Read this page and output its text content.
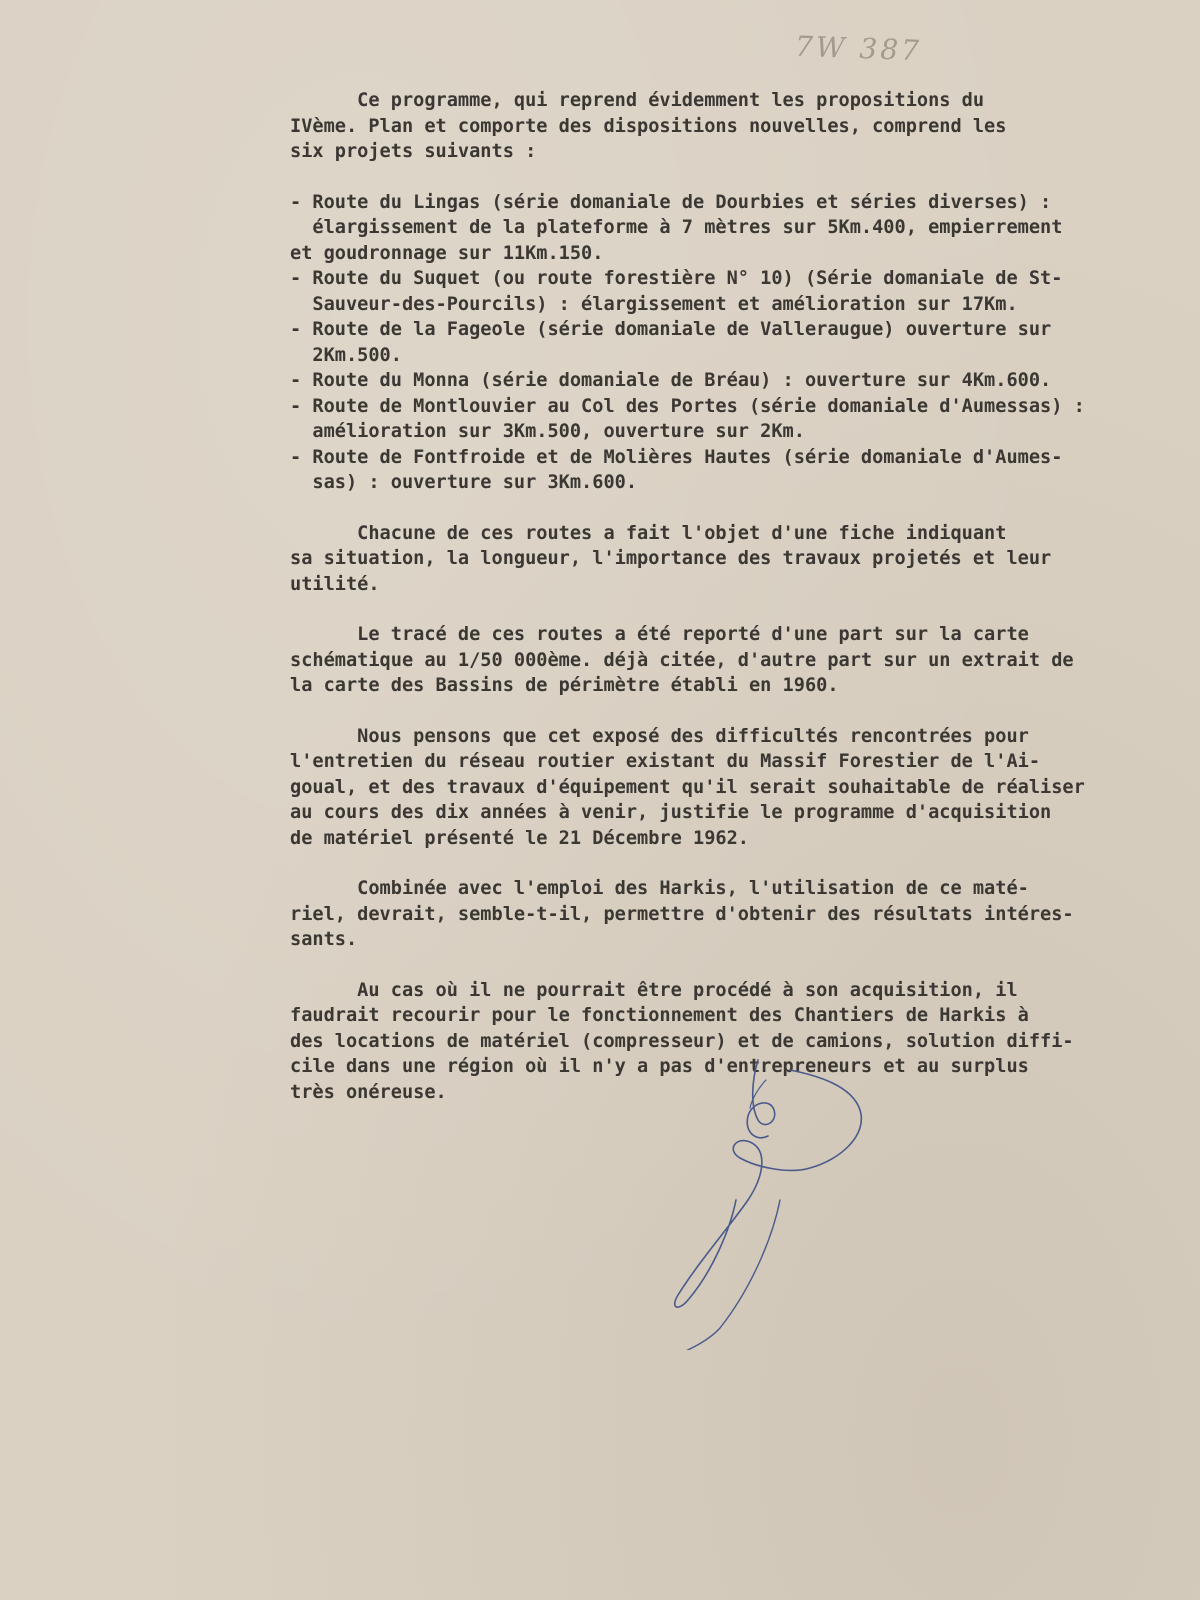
7W 387

Ce programme, qui reprend évidemment les propositions du

IVème. Plan et comporte des dispositions nouvelles, comprend les

six projets suivants :

- Route du Lingas (série domaniale de Dourbies et séries diverses) :

élargissement de la plateforme à 7 mètres sur 5Km.400, empierrement

et goudronnage sur 11Km.150.

- Route du Suquet (ou route forestière N° 10) (Série domaniale de St-

Sauveur-des-Pourcils) : élargissement et amélioration sur 17Km.

- Route de la Fageole (série domaniale de Valleraugue) ouverture sur

2Km.500.

- Route du Monna (série domaniale de Bréau) : ouverture sur 4Km.600.

- Route de Montlouvier au Col des Portes (série domaniale d'Aumessas) :

amélioration sur 3Km.500, ouverture sur 2Km.

- Route de Fontfroide et de Molières Hautes (série domaniale d'Aumes-

sas) : ouverture sur 3Km.600.

Chacune de ces routes a fait l'objet d'une fiche indiquant

sa situation, la longueur, l'importance des travaux projetés et leur

utilité.

Le tracé de ces routes a été reporté d'une part sur la carte

schématique au 1/50 000ème. déjà citée, d'autre part sur un extrait de

la carte des Bassins de périmètre établi en 1960.

Nous pensons que cet exposé des difficultés rencontrées pour

l'entretien du réseau routier existant du Massif Forestier de l'Ai-

goual, et des travaux d'équipement qu'il serait souhaitable de réaliser

au cours des dix années à venir, justifie le programme d'acquisition

de matériel présenté le 21 Décembre 1962.

Combinée avec l'emploi des Harkis, l'utilisation de ce maté-

riel, devrait, semble-t-il, permettre d'obtenir des résultats intéres-

sants.

Au cas où il ne pourrait être procédé à son acquisition, il

faudrait recourir pour le fonctionnement des Chantiers de Harkis à

des locations de matériel (compresseur) et de camions, solution diffi-

cile dans une région où il n'y a pas d'entrepreneurs et au surplus

très onéreuse.
